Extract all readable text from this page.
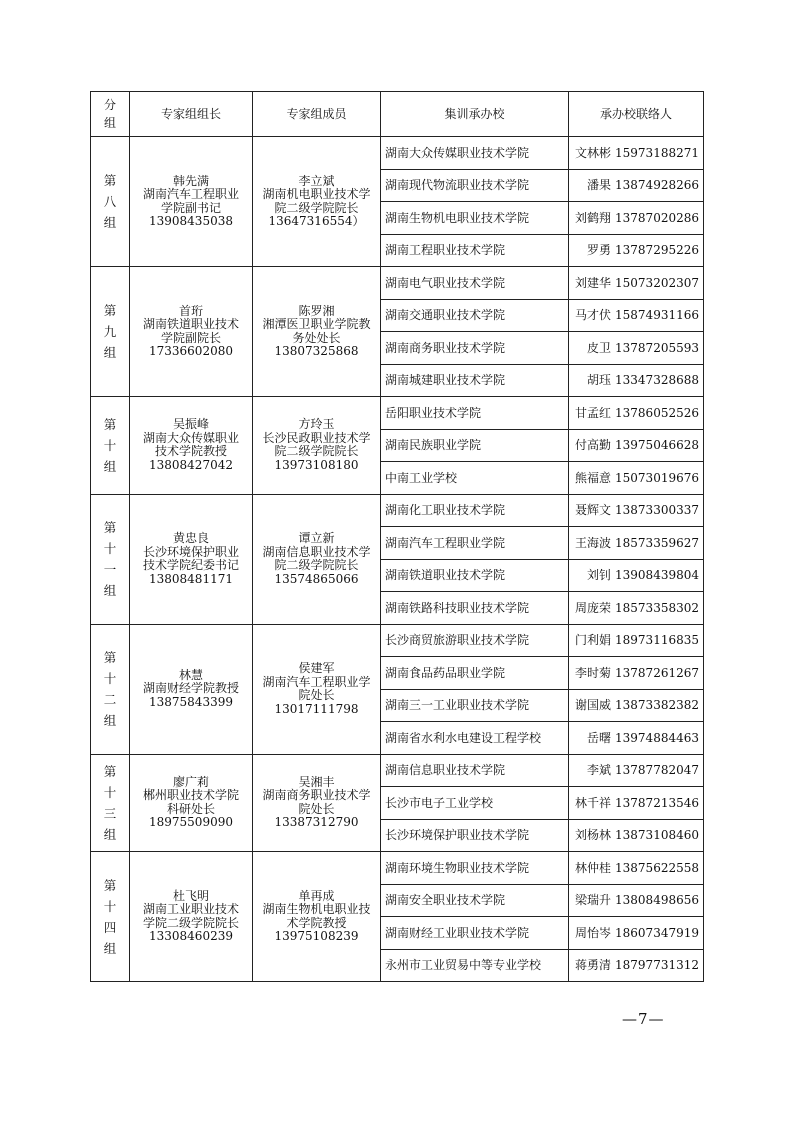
分
组	专家组组长	专家组成员	集训承办校	承办校联络人

第
八
组	韩先满
湖南汽车工程职业
学院副书记
13908435038	李立斌
湖南机电职业技术学
院二级学院院长
13647316554）	湖南大众传媒职业技术学院	文林彬 15973188271
			湖南现代物流职业技术学院	潘果 13874928266
			湖南生物机电职业技术学院	刘鹤翔 13787020286
			湖南工程职业技术学院	罗勇 13787295226

第
九
组	首珩
湖南铁道职业技术
学院副院长
17336602080	陈罗湘
湘潭医卫职业学院教
务处处长
13807325868	湖南电气职业技术学院	刘建华 15073202307
			湖南交通职业技术学院	马才伏 15874931166
			湖南商务职业技术学院	皮卫 13787205593
			湖南城建职业技术学院	胡珏 13347328688

第
十
组	吴振峰
湖南大众传媒职业
技术学院教授
13808427042	方玲玉
长沙民政职业技术学
院二级学院院长
13973108180	岳阳职业技术学院	甘孟红 13786052526
			湖南民族职业学院	付高勤 13975046628
			中南工业学校	熊福意 15073019676

第
十
一
组	黄忠良
长沙环境保护职业
技术学院纪委书记
13808481171	谭立新
湖南信息职业技术学
院二级学院院长
13574865066	湖南化工职业技术学院	聂辉文 13873300337
			湖南汽车工程职业学院	王海波 18573359627
			湖南铁道职业技术学院	刘钊 13908439804
			湖南铁路科技职业技术学院	周庞荣 18573358302

第
十
二
组	林慧
湖南财经学院教授
13875843399	侯建军
湖南汽车工程职业学
院处长
13017111798	长沙商贸旅游职业技术学院	门利娟 18973116835
			湖南食品药品职业学院	李时菊 13787261267
			湖南三一工业职业技术学院	谢国威 13873382382
			湖南省水利水电建设工程学校	岳曙 13974884463

第
十
三
组	廖广莉
郴州职业技术学院
科研处长
18975509090	吴湘丰
湖南商务职业技术学
院处长
13387312790	湖南信息职业技术学院	李斌 13787782047
			长沙市电子工业学校	林千祥 13787213546
			长沙环境保护职业技术学院	刘杨林 13873108460

第
十
四
组	杜飞明
湖南工业职业技术
学院二级学院院长
13308460239	单再成
湖南生物机电职业技
术学院教授
13975108239	湖南环境生物职业技术学院	林仲桂 13875622558
			湖南安全职业技术学院	梁瑞升 13808498656
			湖南财经工业职业技术学院	周怡岑 18607347919
			永州市工业贸易中等专业学校	蒋勇清 18797731312
—7—
